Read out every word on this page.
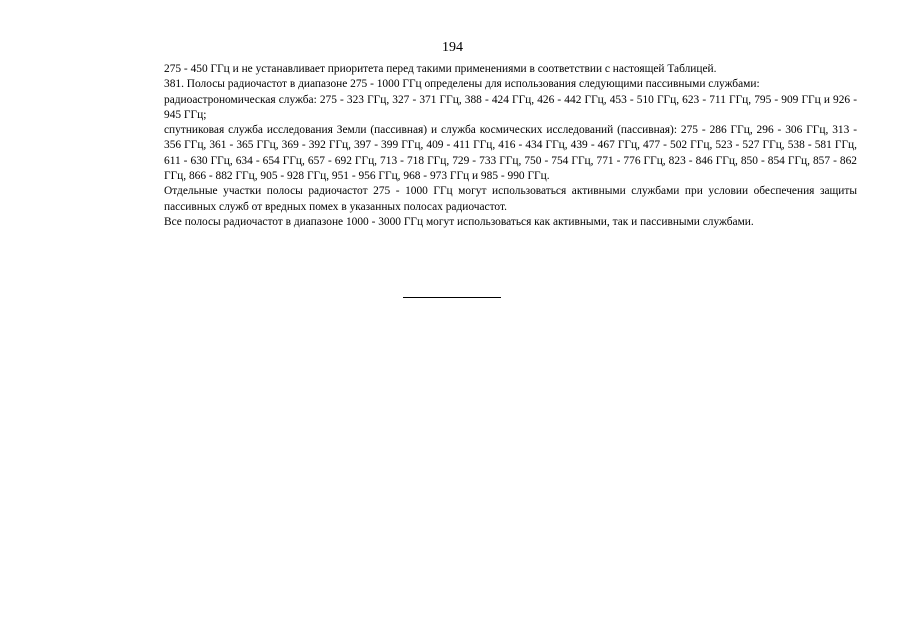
194

275 - 450 ГГц и не устанавливает приоритета перед такими применениями в соответствии с настоящей Таблицей.

381. Полосы радиочастот в диапазоне 275 - 1000 ГГц определены для использования следующими пассивными службами:

радиоастрономическая служба: 275 - 323 ГГц, 327 - 371 ГГц, 388 - 424 ГГц, 426 - 442 ГГц, 453 - 510 ГГц, 623 - 711 ГГц, 795 - 909 ГГц и 926 - 945 ГГц;

спутниковая служба исследования Земли (пассивная) и служба космических исследований (пассивная): 275 - 286 ГГц, 296 - 306 ГГц, 313 - 356 ГГц, 361 - 365 ГГц, 369 - 392 ГГц, 397 - 399 ГГц, 409 - 411 ГГц, 416 - 434 ГГц, 439 - 467 ГГц, 477 - 502 ГГц, 523 - 527 ГГц, 538 - 581 ГГц, 611 - 630 ГГц, 634 - 654 ГГц, 657 - 692 ГГц, 713 - 718 ГГц, 729 - 733 ГГц, 750 - 754 ГГц, 771 - 776 ГГц, 823 - 846 ГГц, 850 - 854 ГГц, 857 - 862 ГГц, 866 - 882 ГГц, 905 - 928 ГГц, 951 - 956 ГГц, 968 - 973 ГГц и 985 - 990 ГГц.

Отдельные участки полосы радиочастот 275 - 1000 ГГц могут использоваться активными службами при условии обеспечения защиты пассивных служб от вредных помех в указанных полосах радиочастот.

Все полосы радиочастот в диапазоне 1000 - 3000 ГГц могут использоваться как активными, так и пассивными службами.
